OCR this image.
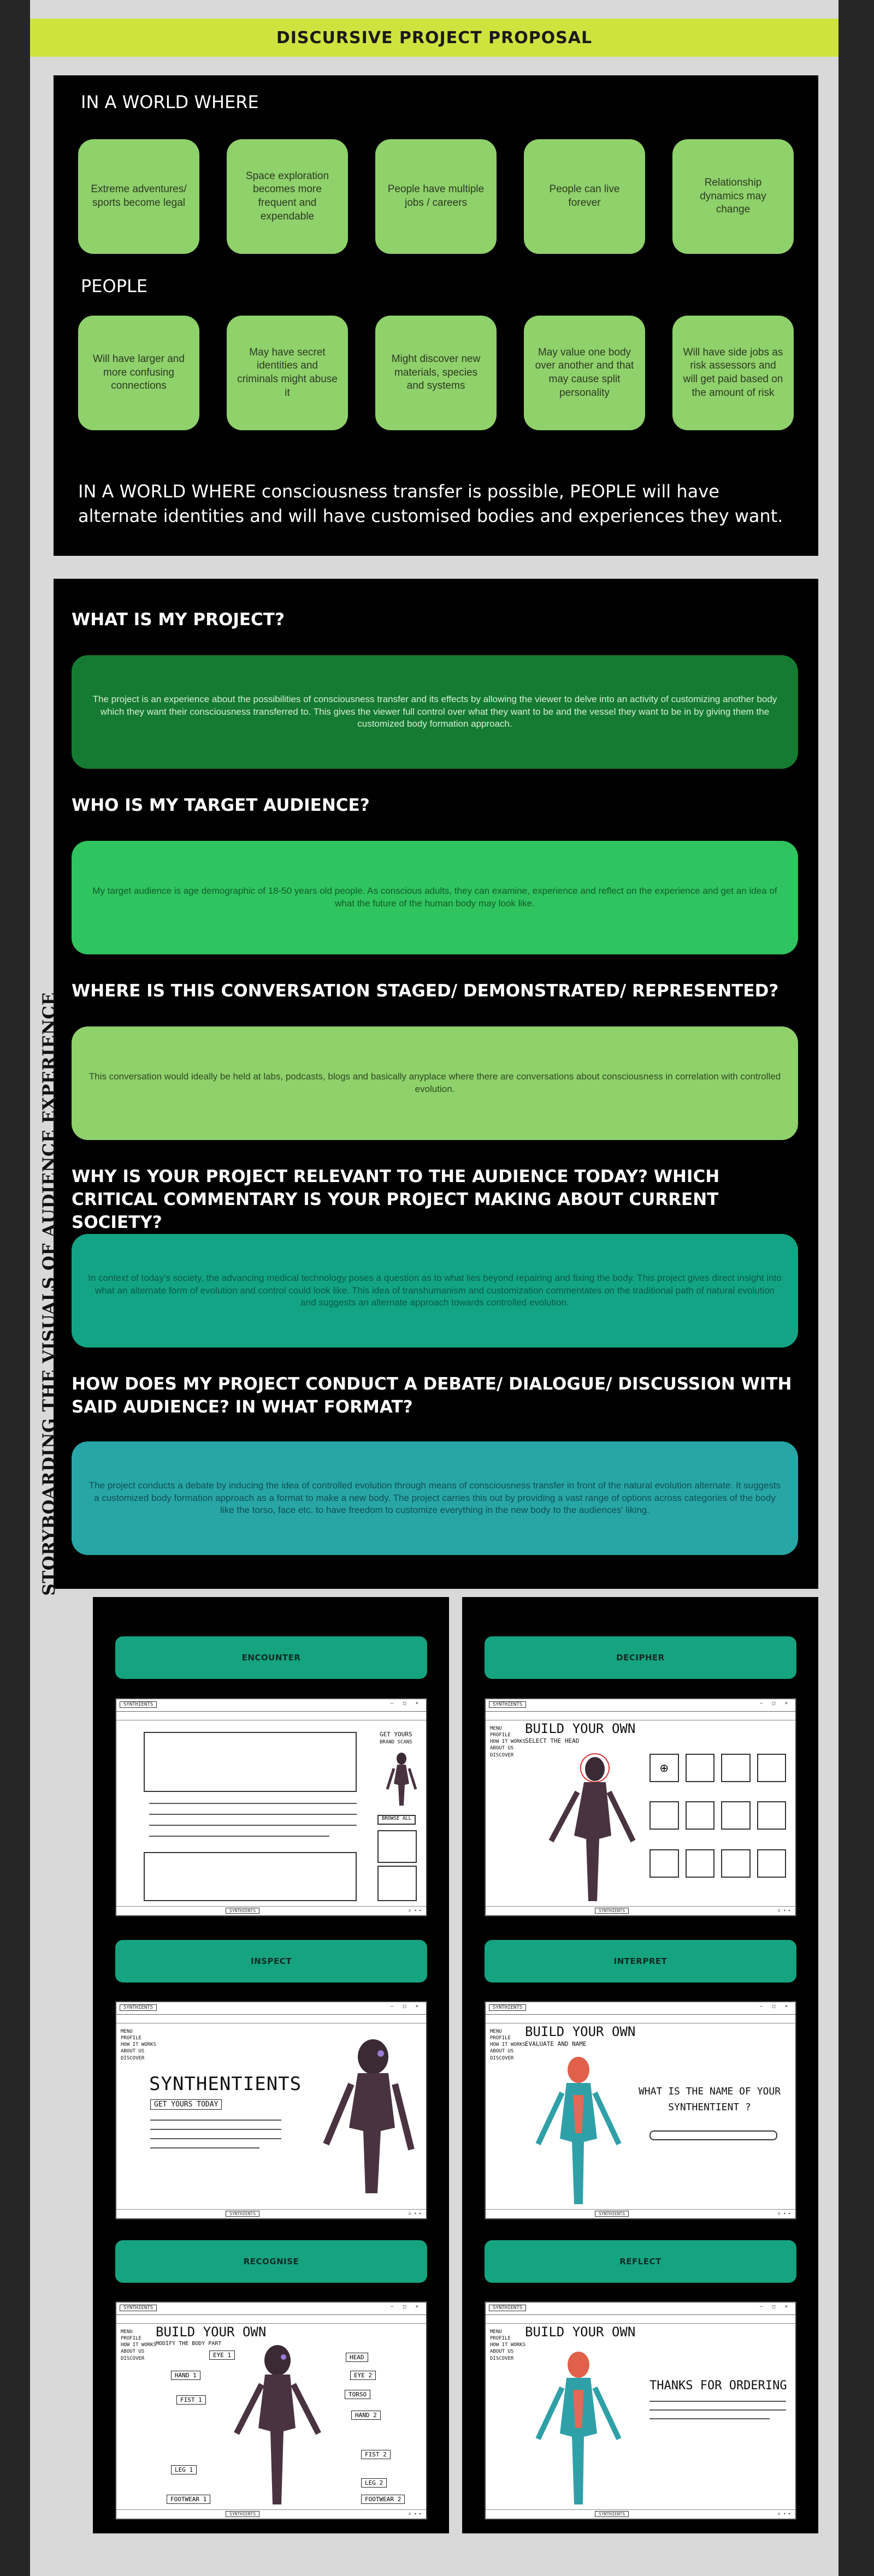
DISCURSIVE PROJECT PROPOSAL
IN A WORLD WHERE
Extreme adventures/ sports become legal
Space exploration becomes more frequent and expendable
People have multiple jobs / careers
People can live forever
Relationship dynamics may change
PEOPLE
Will have larger and more confusing connections
May have secret identities and criminals might abuse it
Might discover new materials, species and systems
May value one body over another and that may cause split personality
Will have side jobs as risk assessors and will get paid based on the amount of risk

IN A WORLD WHERE consciousness transfer is possible, PEOPLE will have alternate identities and will have customised bodies and experiences they want.

WHAT IS MY PROJECT?
The project is an experience about the possibilities of consciousness transfer and its effects by allowing the viewer to delve into an activity of customizing another body which they want their consciousness transferred to. This gives the viewer full control over what they want to be and the vessel they want to be in by giving them the customized body formation approach.
WHO IS MY TARGET AUDIENCE?
My target audience is age demographic of 18-50 years old people. As conscious adults, they can examine, experience and reflect on the experience and get an idea of what the future of the human body may look like.
WHERE IS THIS CONVERSATION STAGED/ DEMONSTRATED/ REPRESENTED?
This conversation would ideally be held at labs, podcasts, blogs and basically anyplace where there are conversations about consciousness in correlation with controlled evolution.
WHY IS YOUR PROJECT RELEVANT TO THE AUDIENCE TODAY? WHICH CRITICAL COMMENTARY IS YOUR PROJECT MAKING ABOUT CURRENT SOCIETY?
In context of today's society, the advancing medical technology poses a question as to what lies beyond repairing and fixing the body. This project gives direct insight into what an alternate form of evolution and control could look like. This idea of transhumanism and customization commentates on the traditional path of natural evolution and suggests an alternate approach towards controlled evolution.
HOW DOES MY PROJECT CONDUCT A DEBATE/ DIALOGUE/ DISCUSSION WITH SAID AUDIENCE? IN WHAT FORMAT?
The project conducts a debate by inducing the idea of controlled evolution through means of consciousness transfer in front of the natural evolution alternate. It suggests a customized body formation approach as a format to make a new body. The project carries this out by providing a vast range of options across categories of the body like the torso, face etc. to have freedom to customize everything in the new body to the audiences' liking.
STORYBOARDING THE VISUALS OF AUDIENCE EXPERIENCE
ENCOUNTER
SYNTHIENTS	– □ ×
GET YOURS
BRAND SCANS
BROWSE ALL
SYNTHIENTS	⌂ ◂ ▸
INSPECT
SYNTHIENTS	– □ ×
MENU
PROFILE
HOW IT WORKS
ABOUT US
DISCOVER
SYNTHENTIENTS
GET YOURS TODAY
SYNTHIENTS	⌂ ◂ ▸
RECOGNISE
SYNTHIENTS	– □ ×
MENU
PROFILE
HOW IT WORKS
ABOUT US
DISCOVER
BUILD YOUR OWN
MODIFY THE BODY PART
EYE 1	HEAD
HAND 1	EYE 2
TORSO
FIST 1
HAND 2
FIST 2
LEG 1
LEG 2
FOOTWEAR 1	FOOTWEAR 2
SYNTHIENTS	⌂ ◂ ▸
DECIPHER
SYNTHIENTS	– □ ×
MENU
PROFILE
HOW IT WORKS
ABOUT US
DISCOVER
BUILD YOUR OWN
SELECT THE HEAD
⊕
SYNTHIENTS	⌂ ◂ ▸
INTERPRET
SYNTHIENTS	– □ ×
MENU
PROFILE
HOW IT WORKS
ABOUT US
DISCOVER
BUILD YOUR OWN
EVALUATE AND NAME
WHAT IS THE NAME OF YOUR SYNTHENTIENT ?
SYNTHIENTS	⌂ ◂ ▸
REFLECT
SYNTHIENTS	– □ ×
MENU
PROFILE
HOW IT WORKS
ABOUT US
DISCOVER
BUILD YOUR OWN
THANKS FOR ORDERING
SYNTHIENTS	⌂ ◂ ▸
